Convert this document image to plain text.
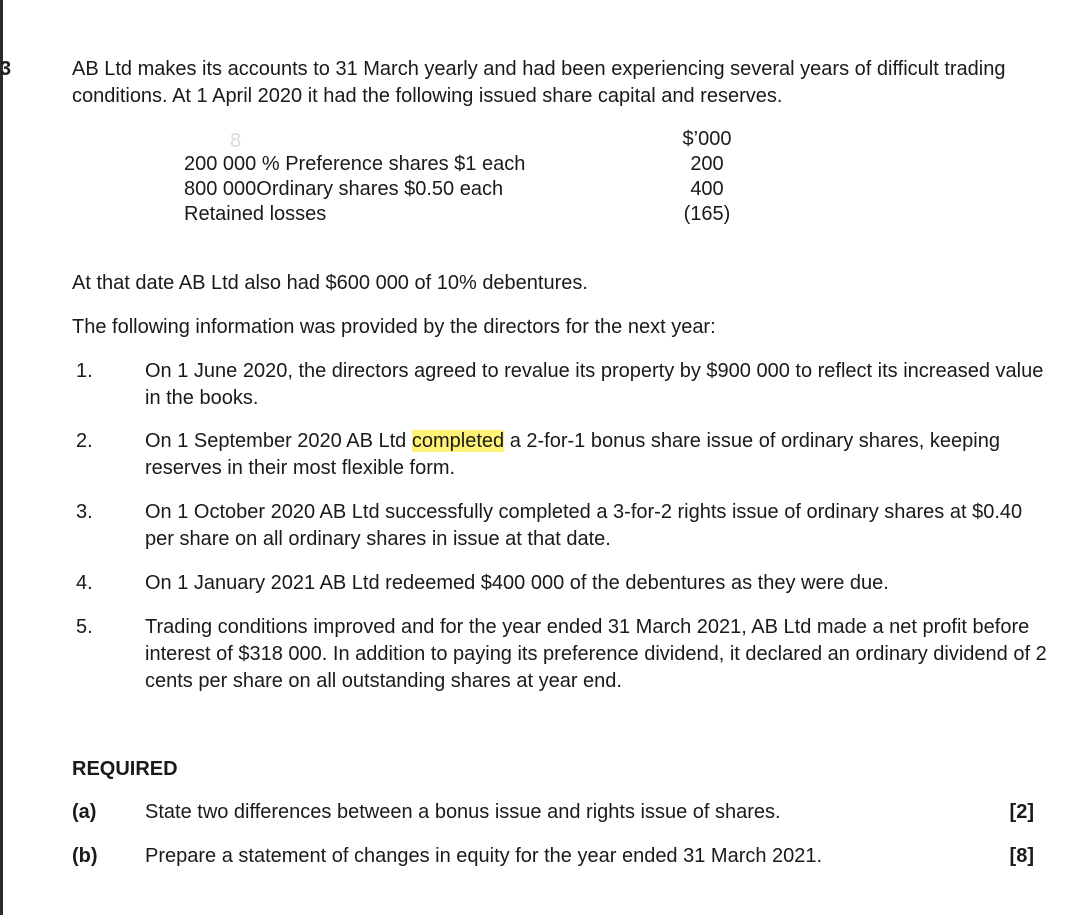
3	AB Ltd makes its accounts to 31 March yearly and had been experiencing several years of difficult trading conditions. At 1 April 2020 it had the following issued share capital and reserves.

8	$’000
200 000 % Preference shares $1 each	200
800 000Ordinary shares $0.50 each	400
Retained losses	(165)

At that date AB Ltd also had $600 000 of 10% debentures.

The following information was provided by the directors for the next year:

1.	On 1 June 2020, the directors agreed to revalue its property by $900 000 to reflect its increased value in the books.
2.	On 1 September 2020 AB Ltd completed a 2-for-1 bonus share issue of ordinary shares, keeping reserves in their most flexible form.
3.	On 1 October 2020 AB Ltd successfully completed a 3-for-2 rights issue of ordinary shares at $0.40 per share on all ordinary shares in issue at that date.
4.	On 1 January 2021 AB Ltd redeemed $400 000 of the debentures as they were due.
5.	Trading conditions improved and for the year ended 31 March 2021, AB Ltd made a net profit before interest of $318 000. In addition to paying its preference dividend, it declared an ordinary dividend of 2 cents per share on all outstanding shares at year end.
REQUIRED
(a) State two differences between a bonus issue and rights issue of shares.	[2]
(b) Prepare a statement of changes in equity for the year ended 31 March 2021.	[8]
